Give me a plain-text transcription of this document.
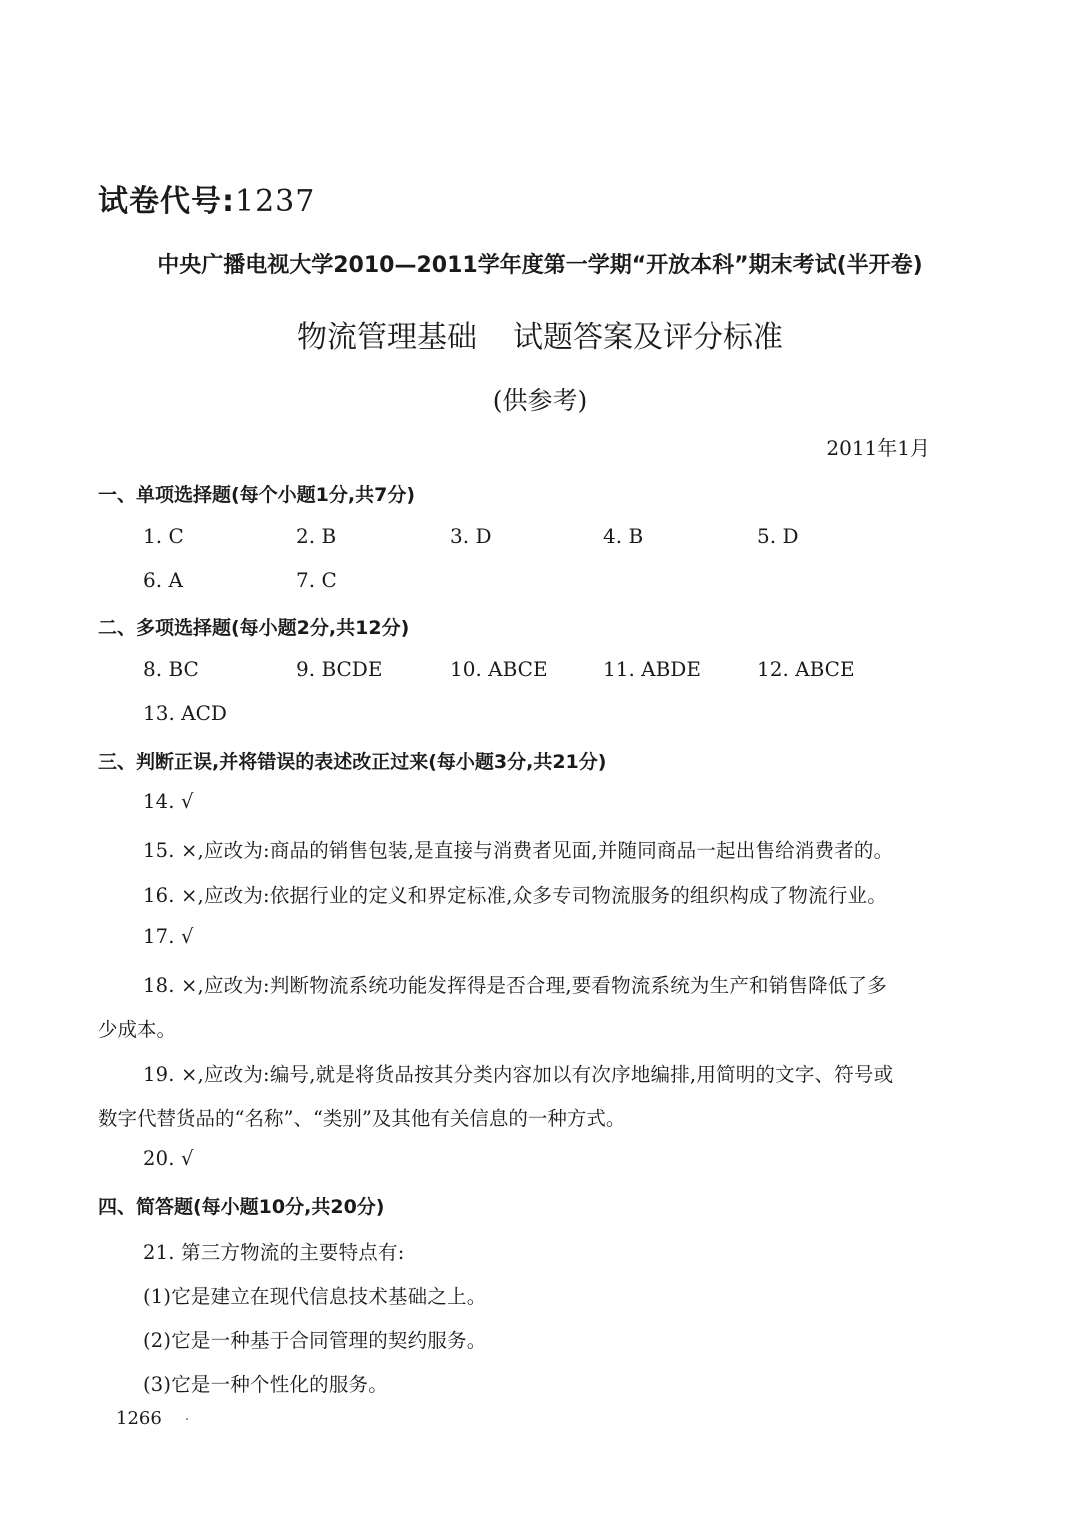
试卷代号:1237
中央广播电视大学2010—2011学年度第一学期“开放本科”期末考试(半开卷)
物流管理基础 试题答案及评分标准
(供参考)
2011年1月
一、单项选择题(每个小题1分,共7分)
1. C	2. B	3. D	4. B	5. D
6. A	7. C
二、多项选择题(每小题2分,共12分)
8. BC	9. BCDE	10. ABCE	11. ABDE	12. ABCE
13. ACD
三、判断正误,并将错误的表述改正过来(每小题3分,共21分)
14. √
15. ×,应改为:商品的销售包装,是直接与消费者见面,并随同商品一起出售给消费者的。
16. ×,应改为:依据行业的定义和界定标准,众多专司物流服务的组织构成了物流行业。
17. √
18. ×,应改为:判断物流系统功能发挥得是否合理,要看物流系统为生产和销售降低了多
少成本。
19. ×,应改为:编号,就是将货品按其分类内容加以有次序地编排,用简明的文字、符号或
数字代替货品的“名称”、“类别”及其他有关信息的一种方式。
20. √
四、简答题(每小题10分,共20分)
21. 第三方物流的主要特点有:
(1)它是建立在现代信息技术基础之上。
(2)它是一种基于合同管理的契约服务。
(3)它是一种个性化的服务。
1266
